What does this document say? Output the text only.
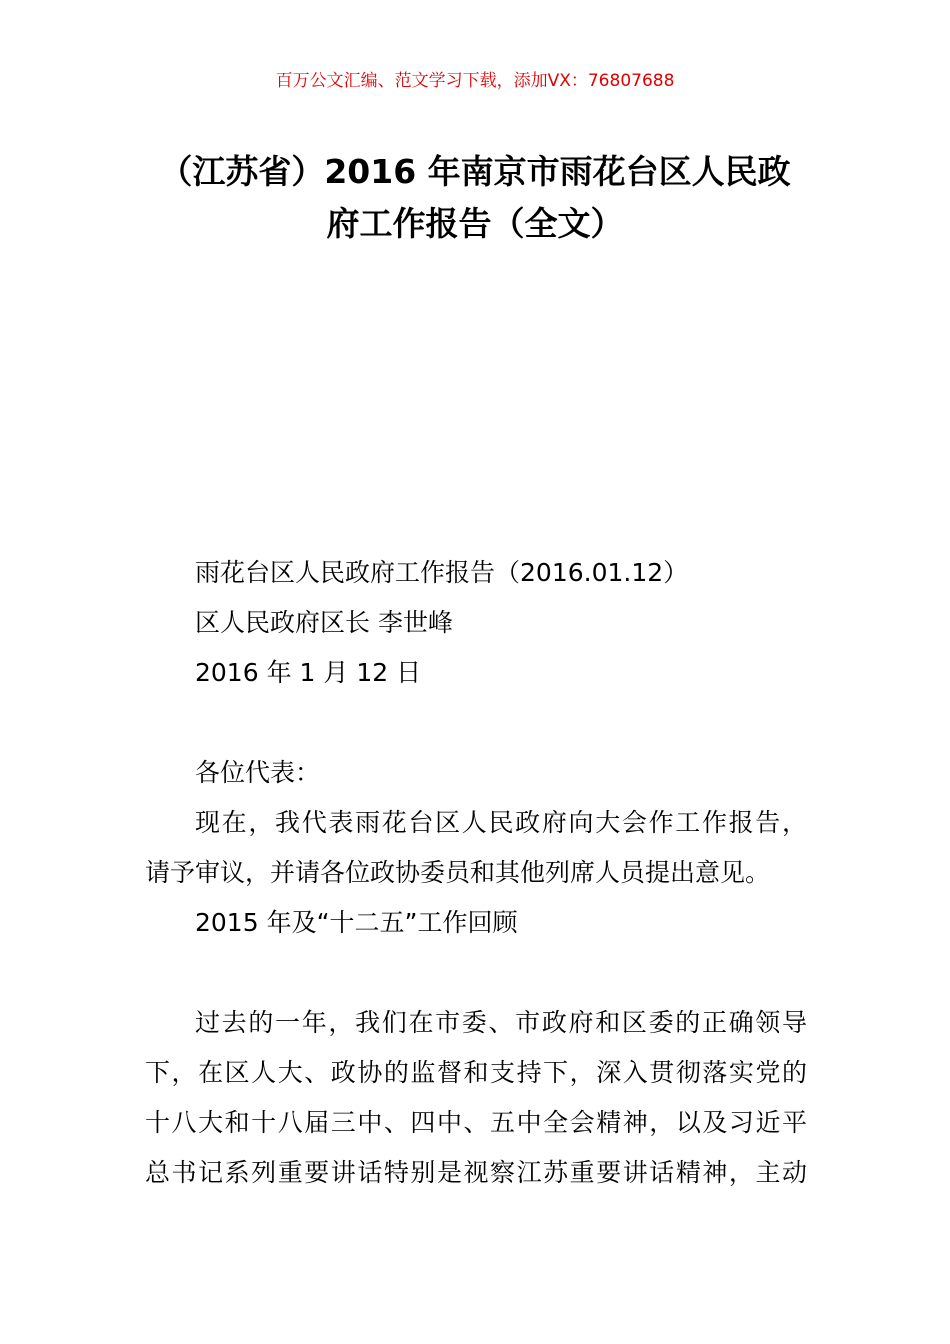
百万公文汇编、范文学习下载，添加VX：76807688
（江苏省）2016 年南京市雨花台区人民政
府工作报告（全文）
雨花台区人民政府工作报告（2016.01.12）
区人民政府区长 李世峰
2016 年 1 月 12 日
各位代表：
现在，我代表雨花台区人民政府向大会作工作报告，
请予审议，并请各位政协委员和其他列席人员提出意见。
2015 年及“十二五”工作回顾
过去的一年，我们在市委、市政府和区委的正确领导
下，在区人大、政协的监督和支持下，深入贯彻落实党的
十八大和十八届三中、四中、五中全会精神，以及习近平
总书记系列重要讲话特别是视察江苏重要讲话精神，主动
